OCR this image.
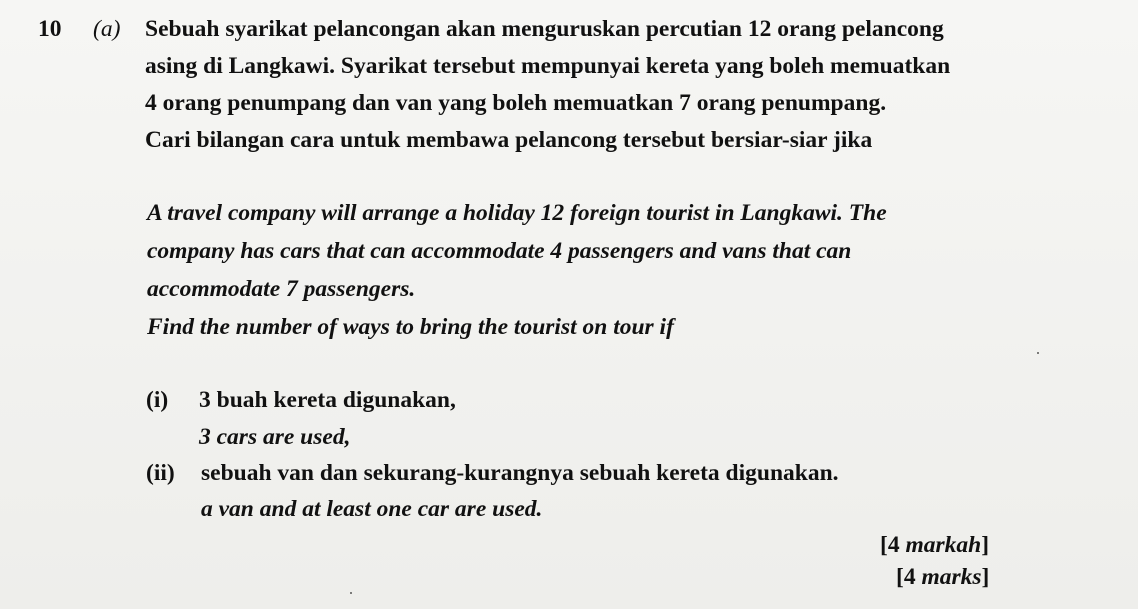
10 (a) Sebuah syarikat pelancongan akan menguruskan percutian 12 orang pelancong
asing di Langkawi. Syarikat tersebut mempunyai kereta yang boleh memuatkan
4 orang penumpang dan van yang boleh memuatkan 7 orang penumpang.
Cari bilangan cara untuk membawa pelancong tersebut bersiar-siar jika
A travel company will arrange a holiday 12 foreign tourist in Langkawi. The
company has cars that can accommodate 4 passengers and vans that can
accommodate 7 passengers.
Find the number of ways to bring the tourist on tour if
(i) 3 buah kereta digunakan,
3 cars are used,
(ii) sebuah van dan sekurang-kurangnya sebuah kereta digunakan.
a van and at least one car are used.
[4 markah]
[4 marks]
